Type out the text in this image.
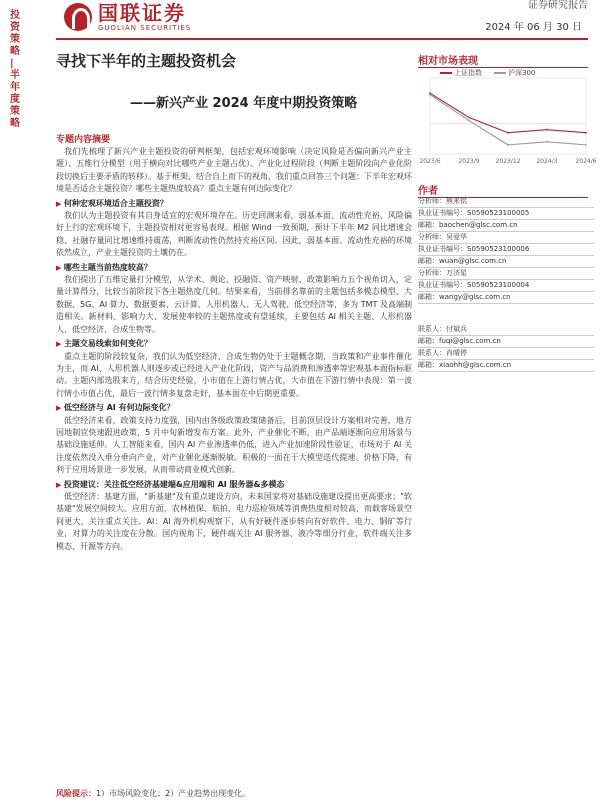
投资策略 | 半年度策略
国联证券
GUOLIAN SECURITIES
证券研究报告
2024 年 06 月 30 日
寻找下半年的主题投资机会
——新兴产业 2024 年度中期投资策略
相对市场表现
上证指数	沪深300
2023/6	2023/9	2023/12	2024/3	2024/6
作者
分析师：熊来铭
执业证书编号：S0590523100005
邮箱：baochen@glsc.com.cn
分析师：吴爱华
执业证书编号：S0590523100006
邮箱：wuan@glsc.com.cn
分析师：万济星
执业证书编号：S0590523100004
邮箱：wangy@glsc.com.cn
联系人：付斌兵
邮箱：fuqi@glsc.com.cn
联系人：肖晴停
邮箱：xiaohh@glsc.com.cn
专题内容摘要

我们先梳理了新兴产业主题投资的研判框架，包括宏观环境影响（决定风险是否偏向新兴产业主题）、五维行分模型（用于横向对比哪些产业主题占优）、产业化过程阶段（判断主题阶段向产业化阶段切换后主要矛盾的转移）。基于框架，结合自上而下的视角，我们重点回答三个问题：下半年宏观环境是否适合主题投资？哪些主题热度较高？重点主题有何边际变化？

▶ 何种宏观环境适合主题投资？

我们认为主题投资有其自身适宜的宏观环境存在。历史回测来看，弱基本面、流动性充裕、风险偏好上行的宏观环境下，主题投资相对更容易表现。根据 Wind 一致预期，预计下半年 M2 同比增速会稳、社融存量同比增速维持震荡，判断流动性仍然持充裕区间。因此，弱基本面、流动性充裕的环境依然成立，产业主题投资的土壤仍在。

▶ 哪些主题当前热度较高？

我们提出了五维定量打分模型，从学术、舆论、投融资、资产映射、政策影响力五个视角切入，定量计算得分，比较当前阶段下各主题热度几何。结果来看，当前排名靠前的主题包括多模态模型、大数据、5G、AI 算力、数据要素、云计算、人形机器人、无人驾驶、低空经济等，多为 TMT 及高端制造相关。新材料、影响力大、发展使率较的主题热度或有望延续，主要包括 AI 相关主题、人形机器人、低空经济、合成生物等。

▶ 主题交易线索如何变化？

重点主题的阶段较复杂，我们认为低空经济、合成生物仍处于主题概念期，当政策和产业事件催化为主，而 AI、人形机器人则逐步或已经进入产业化阶段，资产与品消费和渗透率等宏观基本面指标驱动。主题内部选股来方，结合历史经验，小市值在上游行情占优，大市值在下游行情中表现：第一波行情小市值占优，最后一波行情多复盘走好，基本面在中后期更重要。

▶ 低空经济与 AI 有何边际变化？

低空经济来看，政策支持力度强，国内由各级政策政策储备后，目前顶层设计方案相对完善，地方因地制宜快速跟进政策，5 月中旬新增发布方案。此外，产业催化不断，由产品端逐渐向应用场景与基础设施延伸。人工智能来看，国内 AI 产业渗透率仍低，进入产业加速阶段性验证，市场对于 AI 关注度依然没入垂分垂向产业，对产业催化逐渐脱敏。积极的一面在于大模型迭代提速、价格下降，有利于应用场景进一步发展，从而带动商业模式创新。

▶ 投资建议：关注低空经济基建端&应用端和 AI 服务器&多模态

低空经济：基建方面，"新基建"及有重点建设方向，未来国家将对基础设施建设提出更高要求；"软基建"发展空间较大。应用方面，农林植保、航拍、电力巡检领域等消费热度相对较高，而载客场景空间更大，关注重点关注。AI：AI 海外机构观察下，从有好硬件逐步转向有好软件、电力、铜矿等行业，对算力的关注度在分散。国内视角下，硬件端关注 AI 服务器、液冷等细分行业，软件端关注多模态、开源等方向。

风险提示：1）市场风险变化；2）产业趋势出现变化。
